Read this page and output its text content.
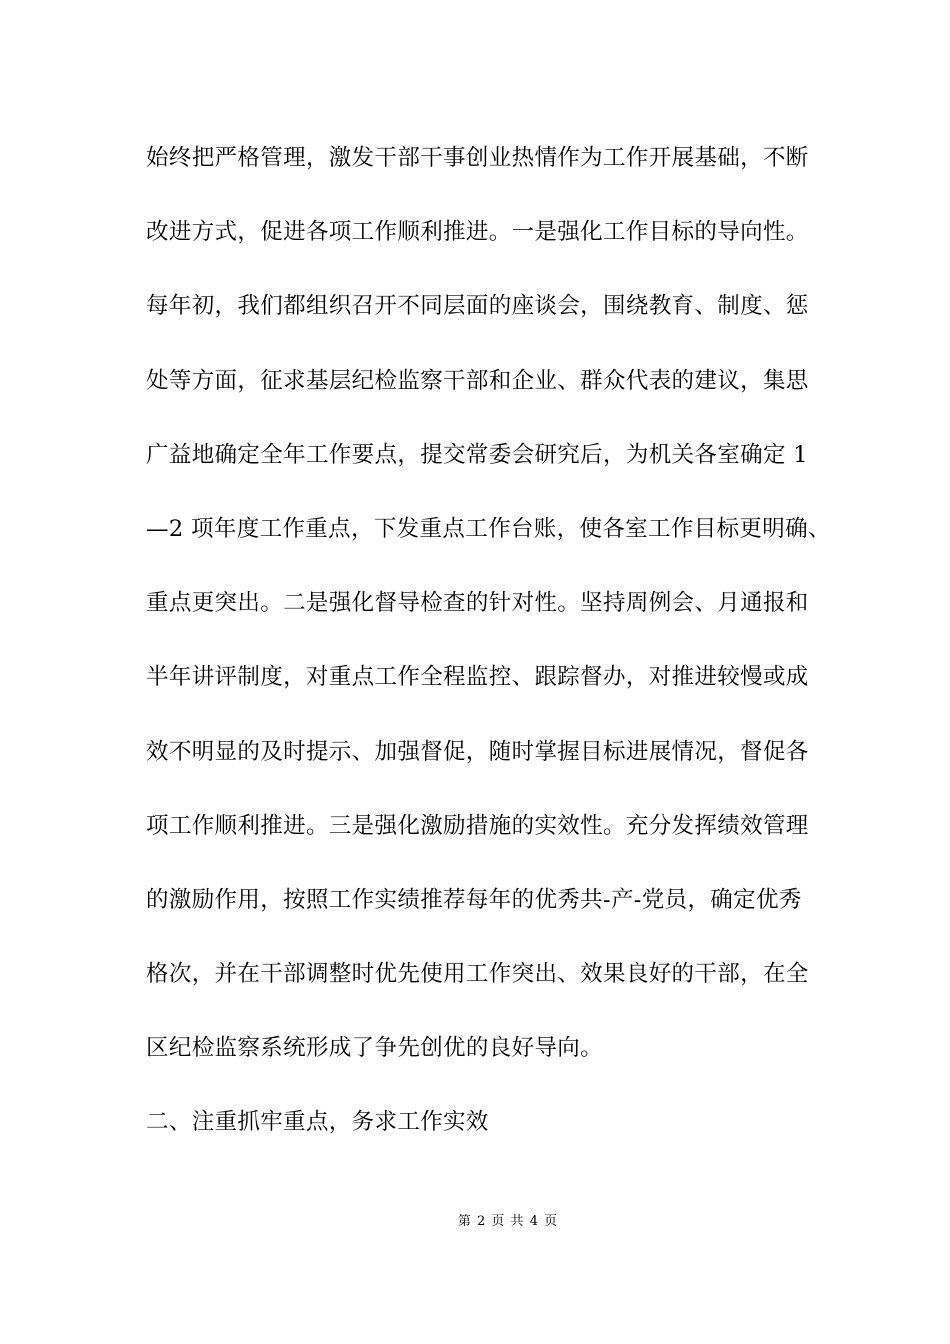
始终把严格管理，激发干部干事创业热情作为工作开展基础，不断
改进方式，促进各项工作顺利推进。一是强化工作目标的导向性。
每年初，我们都组织召开不同层面的座谈会，围绕教育、制度、惩
处等方面，征求基层纪检监察干部和企业、群众代表的建议，集思
广益地确定全年工作要点，提交常委会研究后，为机关各室确定 1
—2 项年度工作重点，下发重点工作台账，使各室工作目标更明确、
重点更突出。二是强化督导检查的针对性。坚持周例会、月通报和
半年讲评制度，对重点工作全程监控、跟踪督办，对推进较慢或成
效不明显的及时提示、加强督促，随时掌握目标进展情况，督促各
项工作顺利推进。三是强化激励措施的实效性。充分发挥绩效管理
的激励作用，按照工作实绩推荐每年的优秀共-产-党员，确定优秀
格次，并在干部调整时优先使用工作突出、效果良好的干部，在全
区纪检监察系统形成了争先创优的良好导向。
二、注重抓牢重点，务求工作实效
第 2 页 共 4 页
